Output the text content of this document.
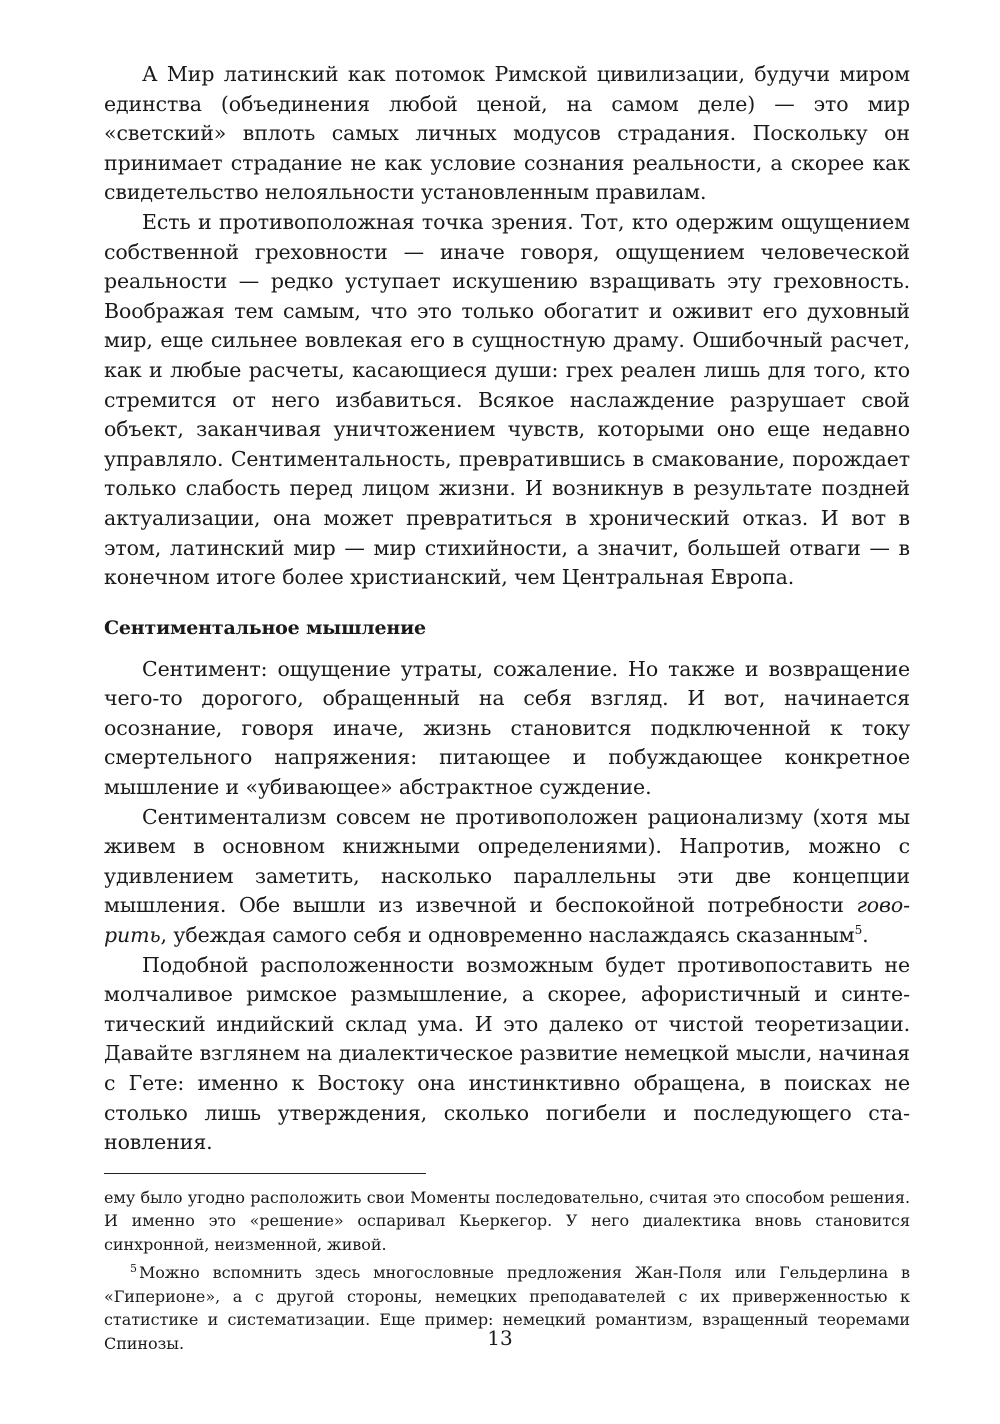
А Мир латинский как потомок Римской цивилизации, будучи миром единства (объединения любой ценой, на самом деле) — это мир «светский» вплоть самых личных модусов страдания. Поскольку он принимает страдание не как условие сознания реальности, а скорее как свидетельство нелояльности установленным правилам.

Есть и противоположная точка зрения. Тот, кто одержим ощущением собственной греховности — иначе говоря, ощущением человеческой реальности — редко уступает искушению взращивать эту греховность. Воображая тем самым, что это только обогатит и оживит его духовный мир, еще сильнее вовлекая его в сущностную драму. Ошибочный расчет, как и любые расчеты, касающиеся души: грех реален лишь для того, кто стремится от него избавиться. Всякое наслаждение разрушает свой объект, заканчивая уничтожением чувств, которыми оно еще недавно управляло. Сентиментальность, превратившись в смакование, порождает только слабость перед лицом жизни. И возникнув в результате поздней актуализации, она может превратиться в хронический отказ. И вот в этом, латинский мир — мир стихийности, а значит, большей отваги — в конечном итоге более христианский, чем Центральная Европа.

Сентиментальное мышление

Сентимент: ощущение утраты, сожаление. Но также и возвращение чего-то дорогого, обращенный на себя взгляд. И вот, начинается осознание, говоря иначе, жизнь становится подключенной к току смертельного напряжения: питающее и побуждающее конкретное мышление и «убивающее» абстрактное суждение.

Сентиментализм совсем не противоположен рационализму (хотя мы живем в основном книжными определениями). Напротив, можно с удивлением заметить, насколько параллельны эти две концепции мышления. Обе вышли из извечной и беспокойной потребности говорить, убеждая самого себя и одновременно наслаждаясь сказанным$^5$.

Подобной расположенности возможным будет противопоставить не молчаливое римское размышление, а скорее, афористичный и синтетический индийский склад ума. И это далеко от чистой теоретизации. Давайте взглянем на диалектическое развитие немецкой мысли, начиная с Гете: именно к Востоку она инстинктивно обращена, в поисках не столько лишь утверждения, сколько погибели и последующего становления.

ему было угодно расположить свои Моменты последовательно, считая это способом решения. И именно это «решение» оспаривал Кьеркегор. У него диалектика вновь становится синхронной, неизменной, живой.

$^5$ Можно вспомнить здесь многословные предложения Жан-Поля или Гельдерлина в «Гиперионе», а с другой стороны, немецких преподавателей с их приверженностью к статистике и систематизации. Еще пример: немецкий романтизм, взращенный теоремами Спинозы.	13
